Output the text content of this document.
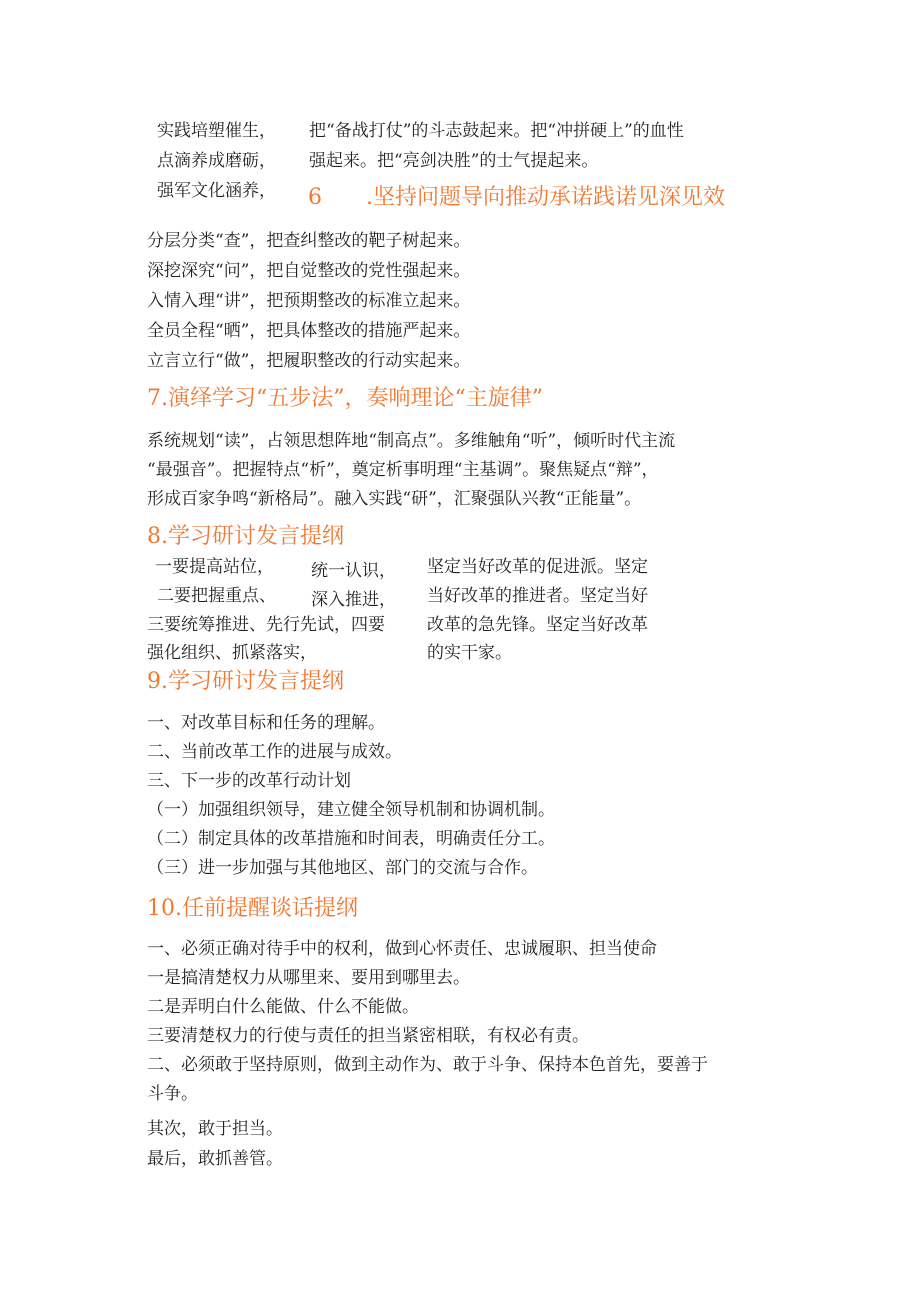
实践培塑催生，
点滴养成磨砺，
强军文化涵养，
把“备战打仗”的斗志鼓起来。把“冲拼硬上”的血性
强起来。把“亮剑决胜”的士气提起来。
6 .坚持问题导向推动承诺践诺见深见效
分层分类“查”，把查纠整改的靶子树起来。
深挖深究“问”，把自觉整改的党性强起来。
入情入理“讲”，把预期整改的标准立起来。
全员全程“晒”，把具体整改的措施严起来。
立言立行“做”，把履职整改的行动实起来。
7.演绎学习“五步法”，奏响理论“主旋律”
系统规划“读”，占领思想阵地“制高点”。多维触角“听”，倾听时代主流
“最强音”。把握特点“析”，奠定析事明理“主基调”。聚焦疑点“辩”，
形成百家争鸣“新格局”。融入实践“研”，汇聚强队兴教“正能量”。
8.学习研讨发言提纲
一要提高站位，
二要把握重点、
三要统筹推进、先行先试，四要
强化组织、抓紧落实，
统一认识，
深入推进，
坚定当好改革的促进派。坚定
当好改革的推进者。坚定当好
改革的急先锋。坚定当好改革
的实干家。
9.学习研讨发言提纲
一、对改革目标和任务的理解。
二、当前改革工作的进展与成效。
三、下一步的改革行动计划
（一）加强组织领导，建立健全领导机制和协调机制。
（二）制定具体的改革措施和时间表，明确责任分工。
（三）进一步加强与其他地区、部门的交流与合作。
10.任前提醒谈话提纲
一、必须正确对待手中的权利，做到心怀责任、忠诚履职、担当使命
一是搞清楚权力从哪里来、要用到哪里去。
二是弄明白什么能做、什么不能做。
三要清楚权力的行使与责任的担当紧密相联，有权必有责。
二、必须敢于坚持原则，做到主动作为、敢于斗争、保持本色首先，要善于
斗争。
其次，敢于担当。
最后，敢抓善管。
